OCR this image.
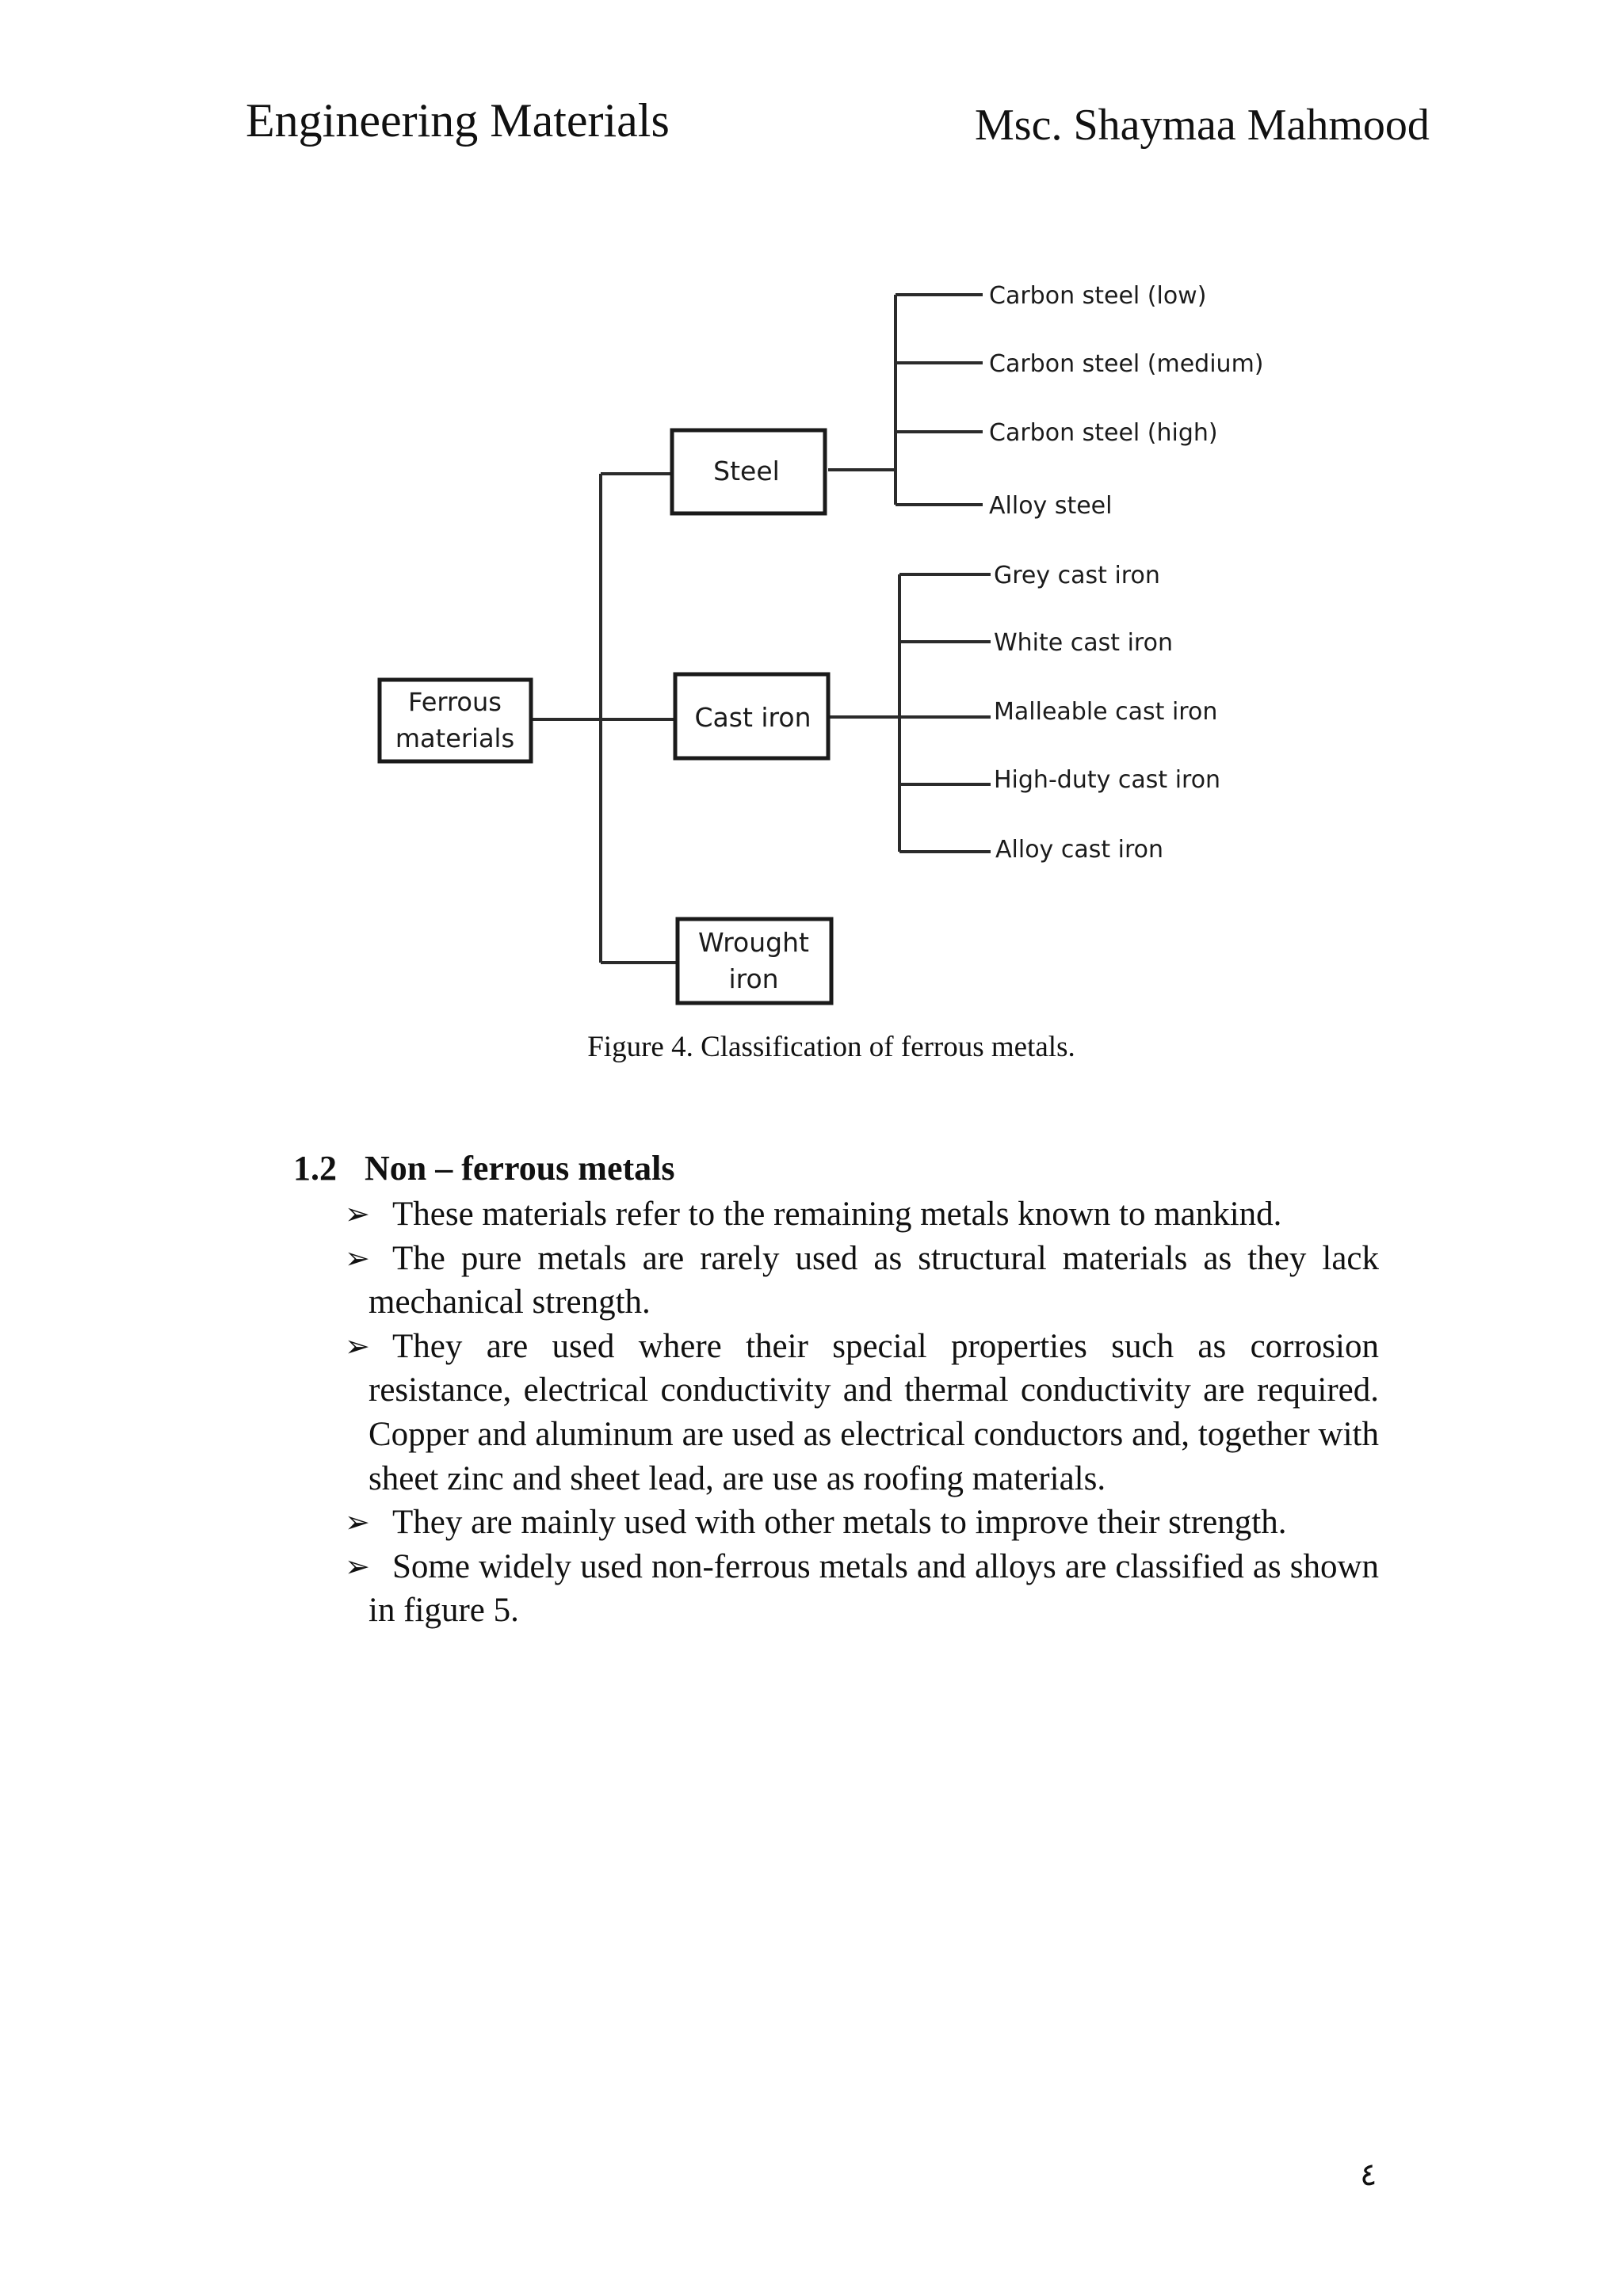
Engineering Materials	Msc. Shaymaa Mahmood
Ferrous
materials
Steel
Cast iron
Wrought
iron
Carbon steel (low)
Carbon steel (medium)
Carbon steel (high)
Alloy steel
Grey cast iron
White cast iron
Malleable cast iron
High-duty cast iron
Alloy cast iron
Figure 4. Classification of ferrous metals.
1.2 Non – ferrous metals
➢ These materials refer to the remaining metals known to mankind.
➢ The pure metals are rarely used as structural materials as they lack mechanical strength.
➢ They are used where their special properties such as corrosion resistance, electrical conductivity and thermal conductivity are required. Copper and aluminum are used as electrical conductors and, together with sheet zinc and sheet lead, are use as roofing materials.
➢ They are mainly used with other metals to improve their strength.
➢ Some widely used non-ferrous metals and alloys are classified as shown in figure 5.
٤
